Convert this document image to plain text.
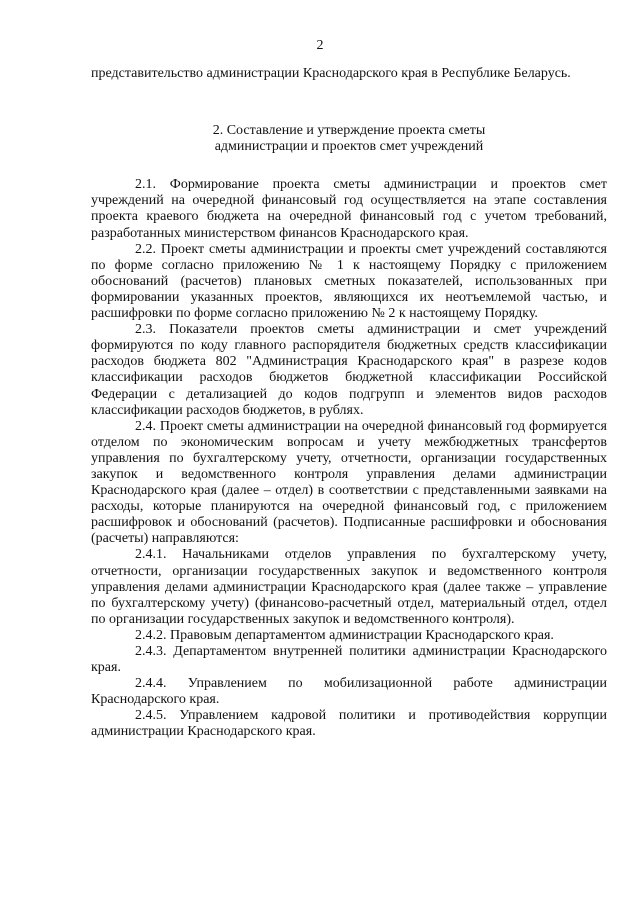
2

представительство администрации Краснодарского края в Республике Беларусь.

2. Составление и утверждение проекта сметы
администрации и проектов смет учреждений

2.1. Формирование проекта сметы администрации и проектов смет учреждений на очередной финансовый год осуществляется на этапе составления проекта краевого бюджета на очередной финансовый год с учетом требований, разработанных министерством финансов Краснодарского края.

2.2. Проект сметы администрации и проекты смет учреждений составляются по форме согласно приложению № 1 к настоящему Порядку с приложением обоснований (расчетов) плановых сметных показателей, использованных при формировании указанных проектов, являющихся их неотъемлемой частью, и расшифровки по форме согласно приложению № 2 к настоящему Порядку.

2.3. Показатели проектов сметы администрации и смет учреждений формируются по коду главного распорядителя бюджетных средств классификации расходов бюджета 802 "Администрация Краснодарского края" в разрезе кодов классификации расходов бюджетов бюджетной классификации Российской Федерации с детализацией до кодов подгрупп и элементов видов расходов классификации расходов бюджетов, в рублях.

2.4. Проект сметы администрации на очередной финансовый год формируется отделом по экономическим вопросам и учету межбюджетных трансфертов управления по бухгалтерскому учету, отчетности, организации государственных закупок и ведомственного контроля управления делами администрации Краснодарского края (далее – отдел) в соответствии с представленными заявками на расходы, которые планируются на очередной финансовый год, с приложением расшифровок и обоснований (расчетов). Подписанные расшифровки и обоснования (расчеты) направляются:

2.4.1. Начальниками отделов управления по бухгалтерскому учету, отчетности, организации государственных закупок и ведомственного контроля управления делами администрации Краснодарского края (далее также – управление по бухгалтерскому учету) (финансово-расчетный отдел, материальный отдел, отдел по организации государственных закупок и ведомственного контроля).

2.4.2. Правовым департаментом администрации Краснодарского края.

2.4.3. Департаментом внутренней политики администрации Краснодарского края.

2.4.4. Управлением по мобилизационной работе администрации Краснодарского края.

2.4.5. Управлением кадровой политики и противодействия коррупции администрации Краснодарского края.
